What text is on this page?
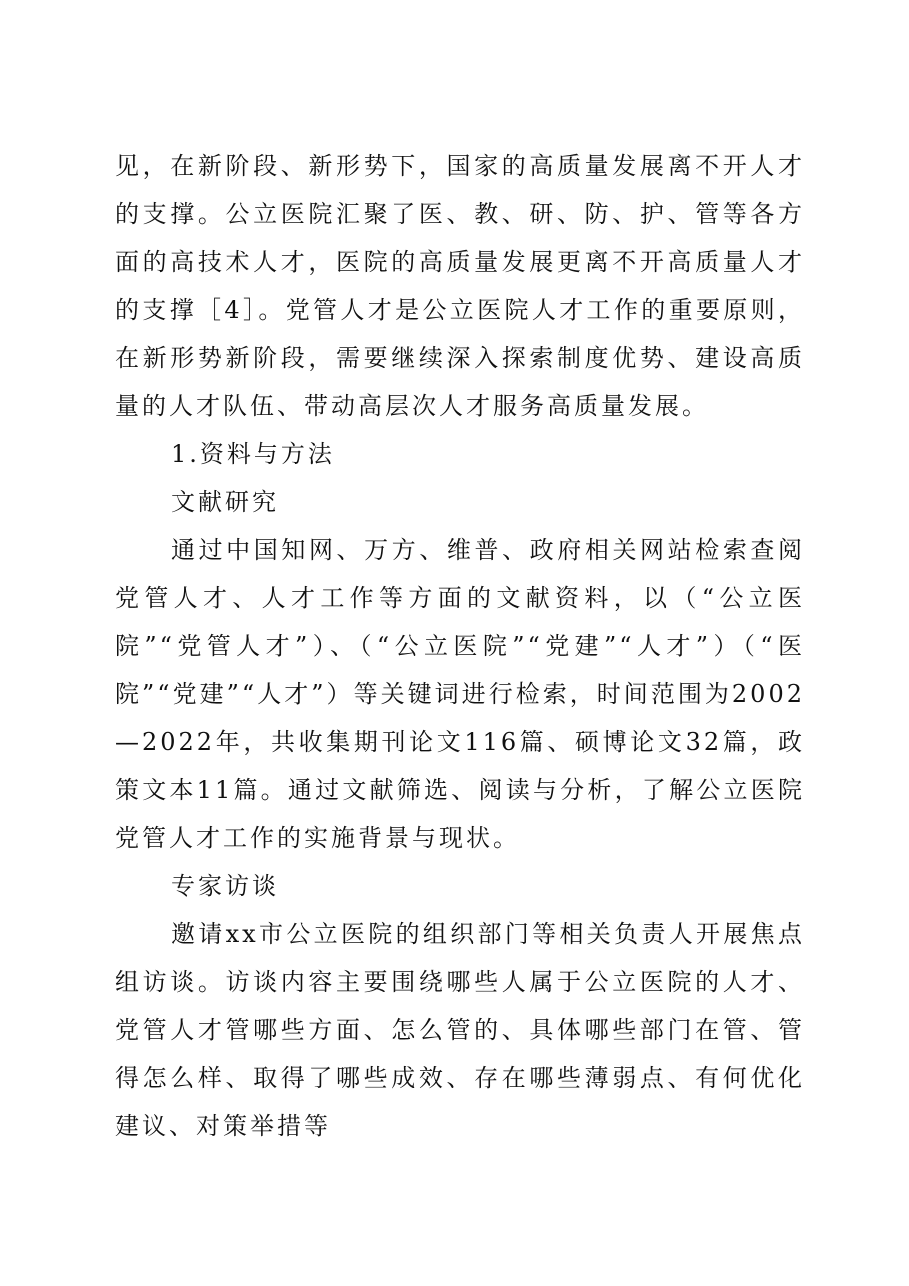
见，在新阶段、新形势下，国家的高质量发展离不开人才的支撑。公立医院汇聚了医、教、研、防、护、管等各方面的高技术人才，医院的高质量发展更离不开高质量人才的支撑［4］。党管人才是公立医院人才工作的重要原则，在新形势新阶段，需要继续深入探索制度优势、建设高质量的人才队伍、带动高层次人才服务高质量发展。

1.资料与方法

文献研究

通过中国知网、万方、维普、政府相关网站检索查阅党管人才、人才工作等方面的文献资料，以（“公立医院”“党管人才”）、（“公立医院”“党建”“人才”）（“医院”“党建”“人才”）等关键词进行检索，时间范围为2002—2022年，共收集期刊论文116篇、硕博论文32篇，政策文本11篇。通过文献筛选、阅读与分析，了解公立医院党管人才工作的实施背景与现状。

专家访谈

邀请xx市公立医院的组织部门等相关负责人开展焦点组访谈。访谈内容主要围绕哪些人属于公立医院的人才、党管人才管哪些方面、怎么管的、具体哪些部门在管、管得怎么样、取得了哪些成效、存在哪些薄弱点、有何优化建议、对策举措等
